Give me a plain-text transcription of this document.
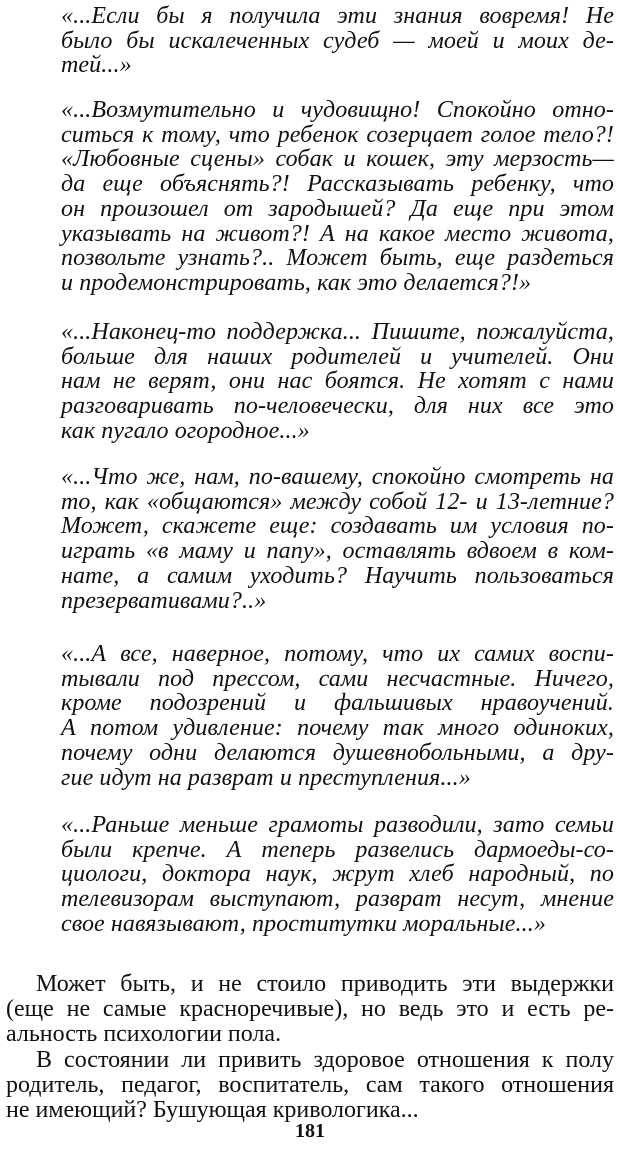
«...Если бы я получила эти знания вовремя! Не
было бы искалеченных судеб — моей и моих де-
тей...»
«...Возмутительно и чудовищно! Спокойно отно-
ситься к тому, что ребенок созерцает голое тело?!
«Любовные сцены» собак и кошек, эту мерзость—
да еще объяснять?! Рассказывать ребенку, что
он произошел от зародышей? Да еще при этом
указывать на живот?! А на какое место живота,
позвольте узнать?.. Может быть, еще раздеться
и продемонстрировать, как это делается?!»
«...Наконец-то поддержка... Пишите, пожалуйста,
больше для наших родителей и учителей. Они
нам не верят, они нас боятся. Не хотят с нами
разговаривать по-человечески, для них все это
как пугало огородное...»
«...Что же, нам, по-вашему, спокойно смотреть на
то, как «общаются» между собой 12- и 13-летние?
Может, скажете еще: создавать им условия по-
играть «в маму и папу», оставлять вдвоем в ком-
нате, а самим уходить? Научить пользоваться
презервативами?..»
«...А все, наверное, потому, что их самих воспи-
тывали под прессом, сами несчастные. Ничего,
кроме подозрений и фальшивых нравоучений.
А потом удивление: почему так много одиноких,
почему одни делаются душевнобольными, а дру-
гие идут на разврат и преступления...»
«...Раньше меньше грамоты разводили, зато семьи
были крепче. А теперь развелись дармоеды-со-
циологи, доктора наук, жрут хлеб народный, по
телевизорам выступают, разврат несут, мнение
свое навязывают, проститутки моральные...»
Может быть, и не стоило приводить эти выдержки
(еще не самые красноречивые), но ведь это и есть ре-
альность психологии пола.
В состоянии ли привить здоровое отношения к полу
родитель, педагог, воспитатель, сам такого отношения
не имеющий? Бушующая кривологика...
181
